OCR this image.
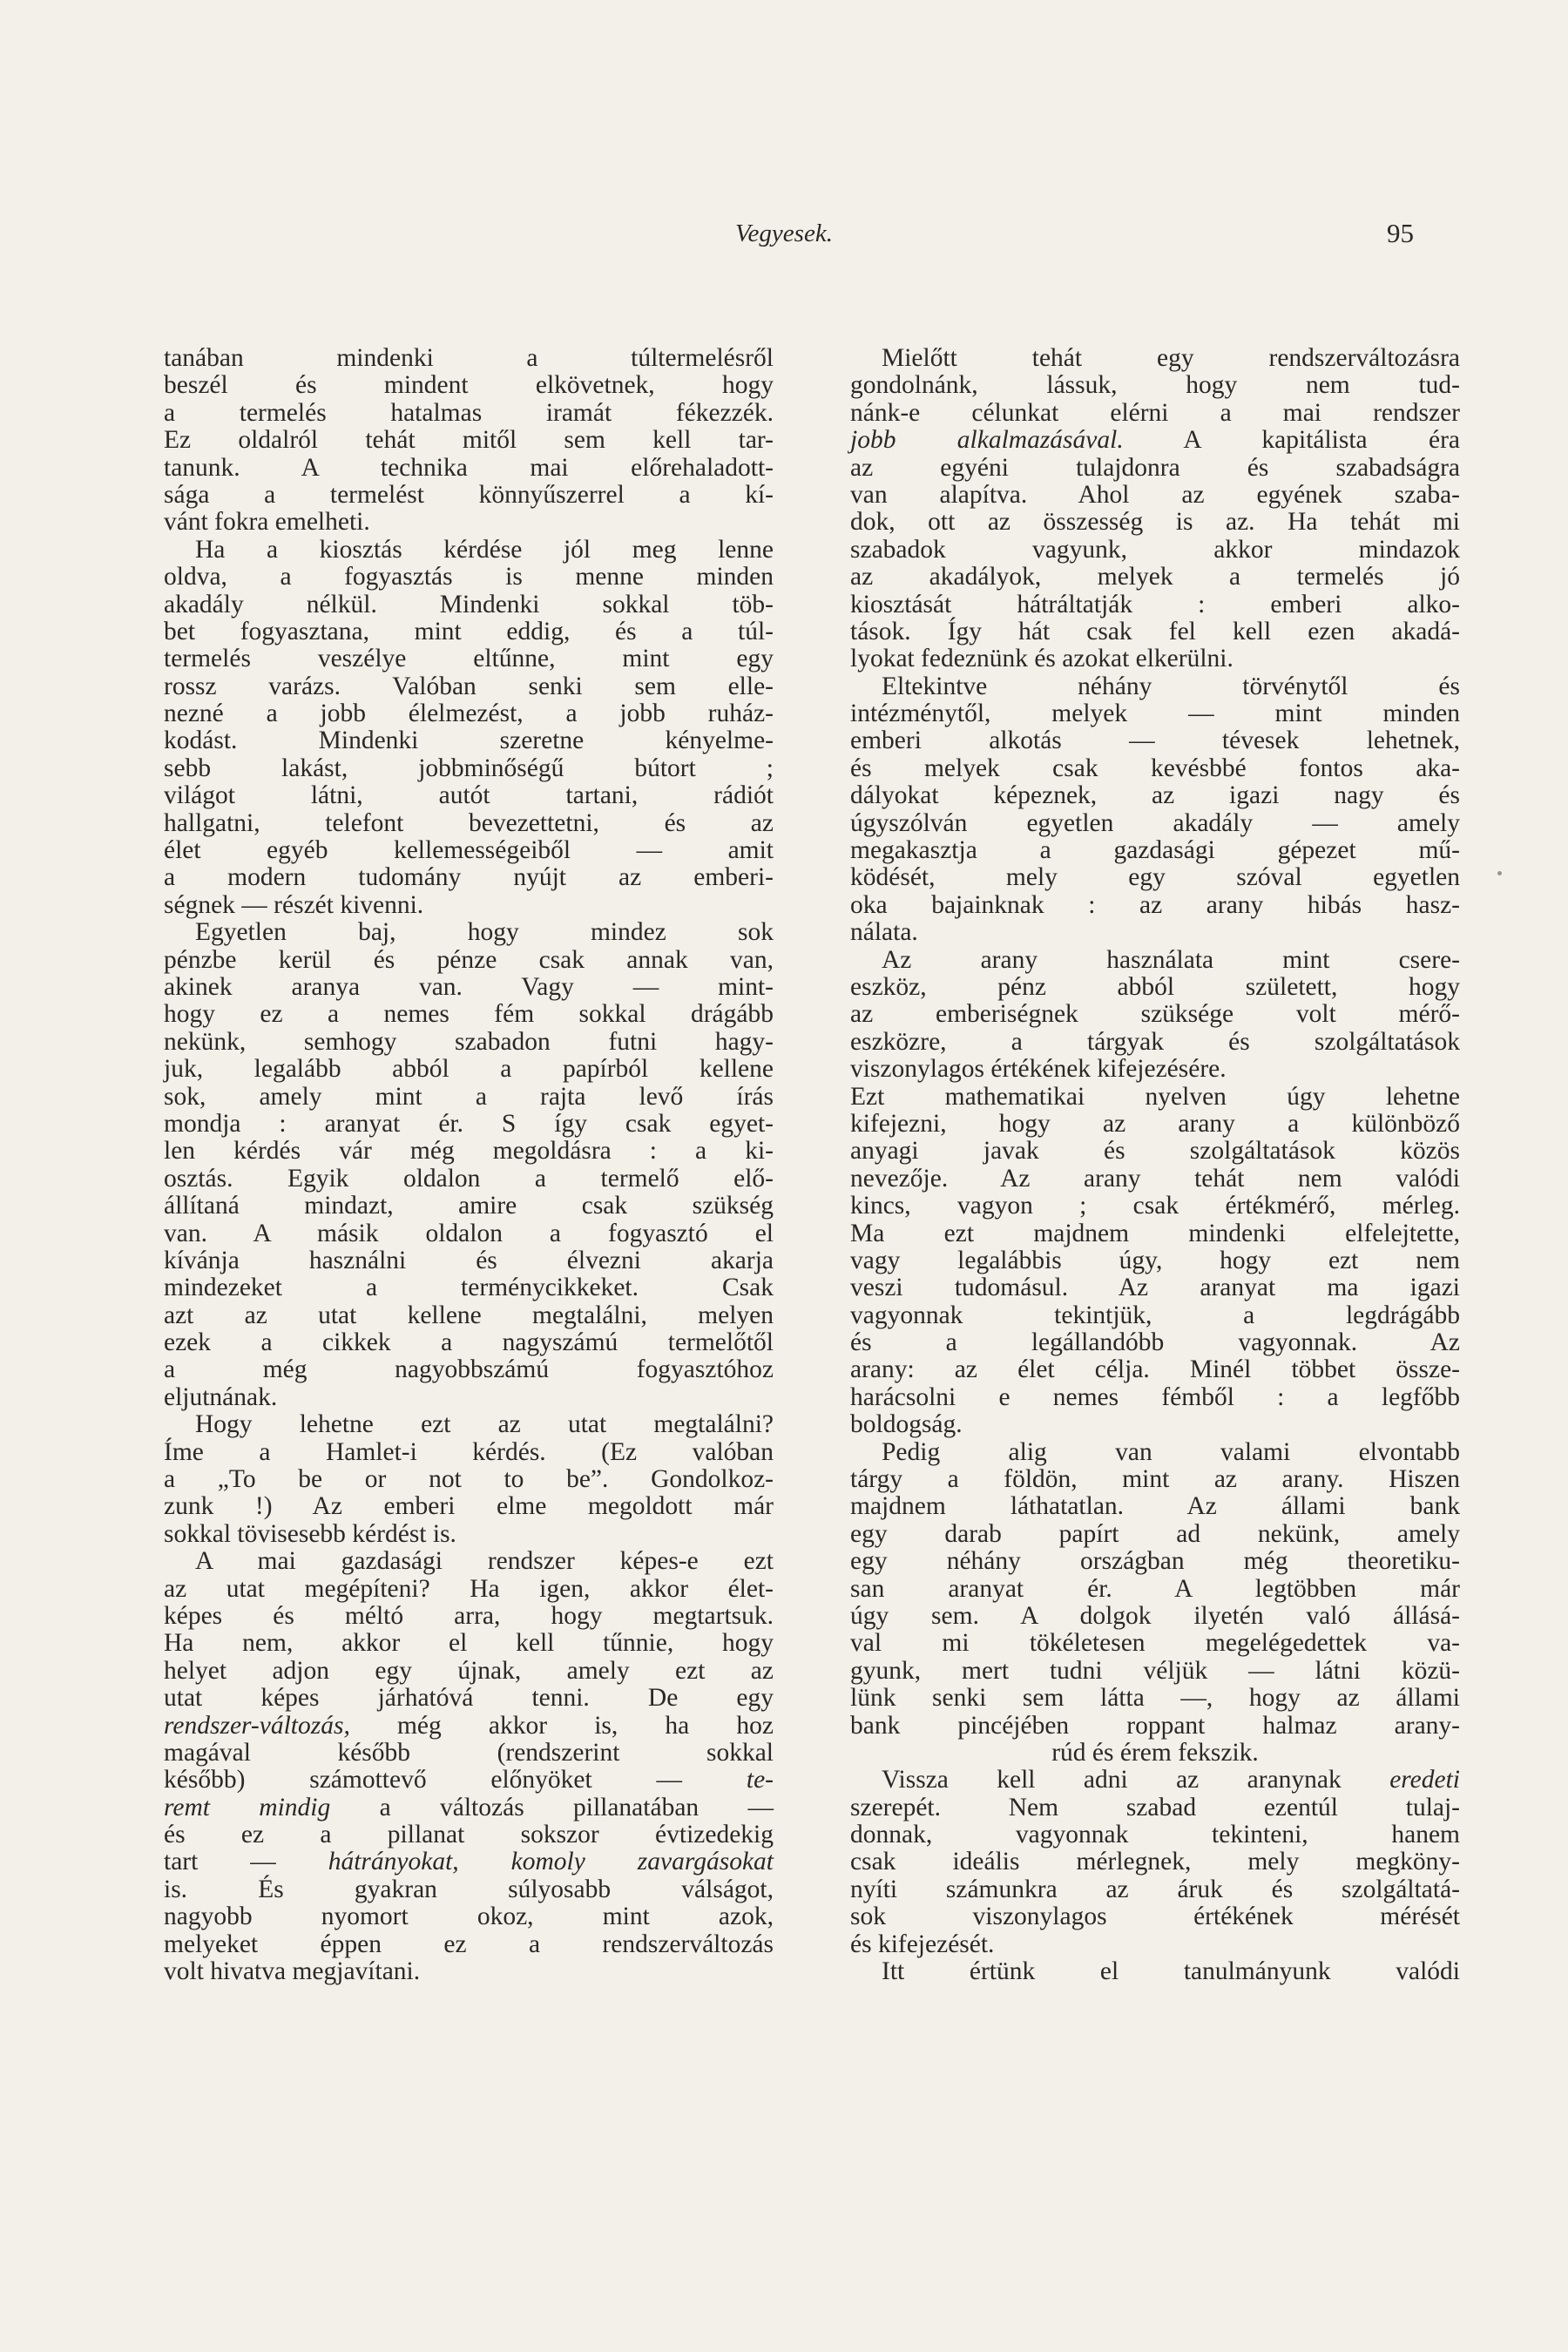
Vegyesek.	95
tanában mindenki a túltermelésről
beszél és mindent elkövetnek, hogy
a termelés hatalmas iramát fékezzék.
Ez oldalról tehát mitől sem kell tar-
tanunk. A technika mai előrehaladott-
sága a termelést könnyűszerrel a kí-
vánt fokra emelheti.
Ha a kiosztás kérdése jól meg lenne
oldva, a fogyasztás is menne minden
akadály nélkül. Mindenki sokkal töb-
bet fogyasztana, mint eddig, és a túl-
termelés veszélye eltűnne, mint egy
rossz varázs. Valóban senki sem elle-
nezné a jobb élelmezést, a jobb ruház-
kodást. Mindenki szeretne kényelme-
sebb lakást, jobbminőségű bútort ;
világot látni, autót tartani, rádiót
hallgatni, telefont bevezettetni, és az
élet egyéb kellemességeiből — amit
a modern tudomány nyújt az emberi-
ségnek — részét kivenni.
Egyetlen baj, hogy mindez sok
pénzbe kerül és pénze csak annak van,
akinek aranya van. Vagy — mint-
hogy ez a nemes fém sokkal drágább
nekünk, semhogy szabadon futni hagy-
juk, legalább abból a papírból kellene
sok, amely mint a rajta levő írás
mondja : aranyat ér. S így csak egyet-
len kérdés vár még megoldásra : a ki-
osztás. Egyik oldalon a termelő elő-
állítaná mindazt, amire csak szükség
van. A másik oldalon a fogyasztó el
kívánja használni és élvezni akarja
mindezeket a terménycikkeket. Csak
azt az utat kellene megtalálni, melyen
ezek a cikkek a nagyszámú termelőtől
a még nagyobbszámú fogyasztóhoz
eljutnának.
Hogy lehetne ezt az utat megtalálni?
Íme a Hamlet-i kérdés. (Ez valóban
a „To be or not to be”. Gondolkoz-
zunk !) Az emberi elme megoldott már
sokkal tövisesebb kérdést is.
A mai gazdasági rendszer képes-e ezt
az utat megépíteni? Ha igen, akkor élet-
képes és méltó arra, hogy megtartsuk.
Ha nem, akkor el kell tűnnie, hogy
helyet adjon egy újnak, amely ezt az
utat képes járhatóvá tenni. De egy
rendszer-változás, még akkor is, ha hoz
magával később (rendszerint sokkal
később) számottevő előnyöket — te-
remt mindig a változás pillanatában —
és ez a pillanat sokszor évtizedekig
tart — hátrányokat, komoly zavargásokat
is. És gyakran súlyosabb válságot,
nagyobb nyomort okoz, mint azok,
melyeket éppen ez a rendszerváltozás
volt hivatva megjavítani.
Mielőtt tehát egy rendszerváltozásra
gondolnánk, lássuk, hogy nem tud-
nánk-e célunkat elérni a mai rendszer
jobb alkalmazásával. A kapitálista éra
az egyéni tulajdonra és szabadságra
van alapítva. Ahol az egyének szaba-
dok, ott az összesség is az. Ha tehát mi
szabadok vagyunk, akkor mindazok
az akadályok, melyek a termelés jó
kiosztását hátráltatják : emberi alko-
tások. Így hát csak fel kell ezen akadá-
lyokat fedeznünk és azokat elkerülni.
Eltekintve néhány törvénytől és
intézménytől, melyek — mint minden
emberi alkotás — tévesek lehetnek,
és melyek csak kevésbbé fontos aka-
dályokat képeznek, az igazi nagy és
úgyszólván egyetlen akadály — amely
megakasztja a gazdasági gépezet mű-
ködését, mely egy szóval egyetlen
oka bajainknak : az arany hibás hasz-
nálata.
Az arany használata mint csere-
eszköz, pénz abból született, hogy
az emberiségnek szüksége volt mérő-
eszközre, a tárgyak és szolgáltatások
viszonylagos értékének kifejezésére.
Ezt mathematikai nyelven úgy lehetne
kifejezni, hogy az arany a különböző
anyagi javak és szolgáltatások közös
nevezője. Az arany tehát nem valódi
kincs, vagyon ; csak értékmérő, mérleg.
Ma ezt majdnem mindenki elfelejtette,
vagy legalábbis úgy, hogy ezt nem
veszi tudomásul. Az aranyat ma igazi
vagyonnak tekintjük, a legdrágább
és a legállandóbb vagyonnak. Az
arany: az élet célja. Minél többet össze-
harácsolni e nemes fémből : a legfőbb
boldogság.
Pedig alig van valami elvontabb
tárgy a földön, mint az arany. Hiszen
majdnem láthatatlan. Az állami bank
egy darab papírt ad nekünk, amely
egy néhány országban még theoretiku-
san aranyat ér. A legtöbben már
úgy sem. A dolgok ilyetén való állásá-
val mi tökéletesen megelégedettek va-
gyunk, mert tudni véljük — látni közü-
lünk senki sem látta —, hogy az állami
bank pincéjében roppant halmaz arany-
rúd és érem fekszik.
Vissza kell adni az aranynak eredeti
szerepét. Nem szabad ezentúl tulaj-
donnak, vagyonnak tekinteni, hanem
csak ideális mérlegnek, mely megköny-
nyíti számunkra az áruk és szolgáltatá-
sok viszonylagos értékének mérését
és kifejezését.
Itt értünk el tanulmányunk valódi
